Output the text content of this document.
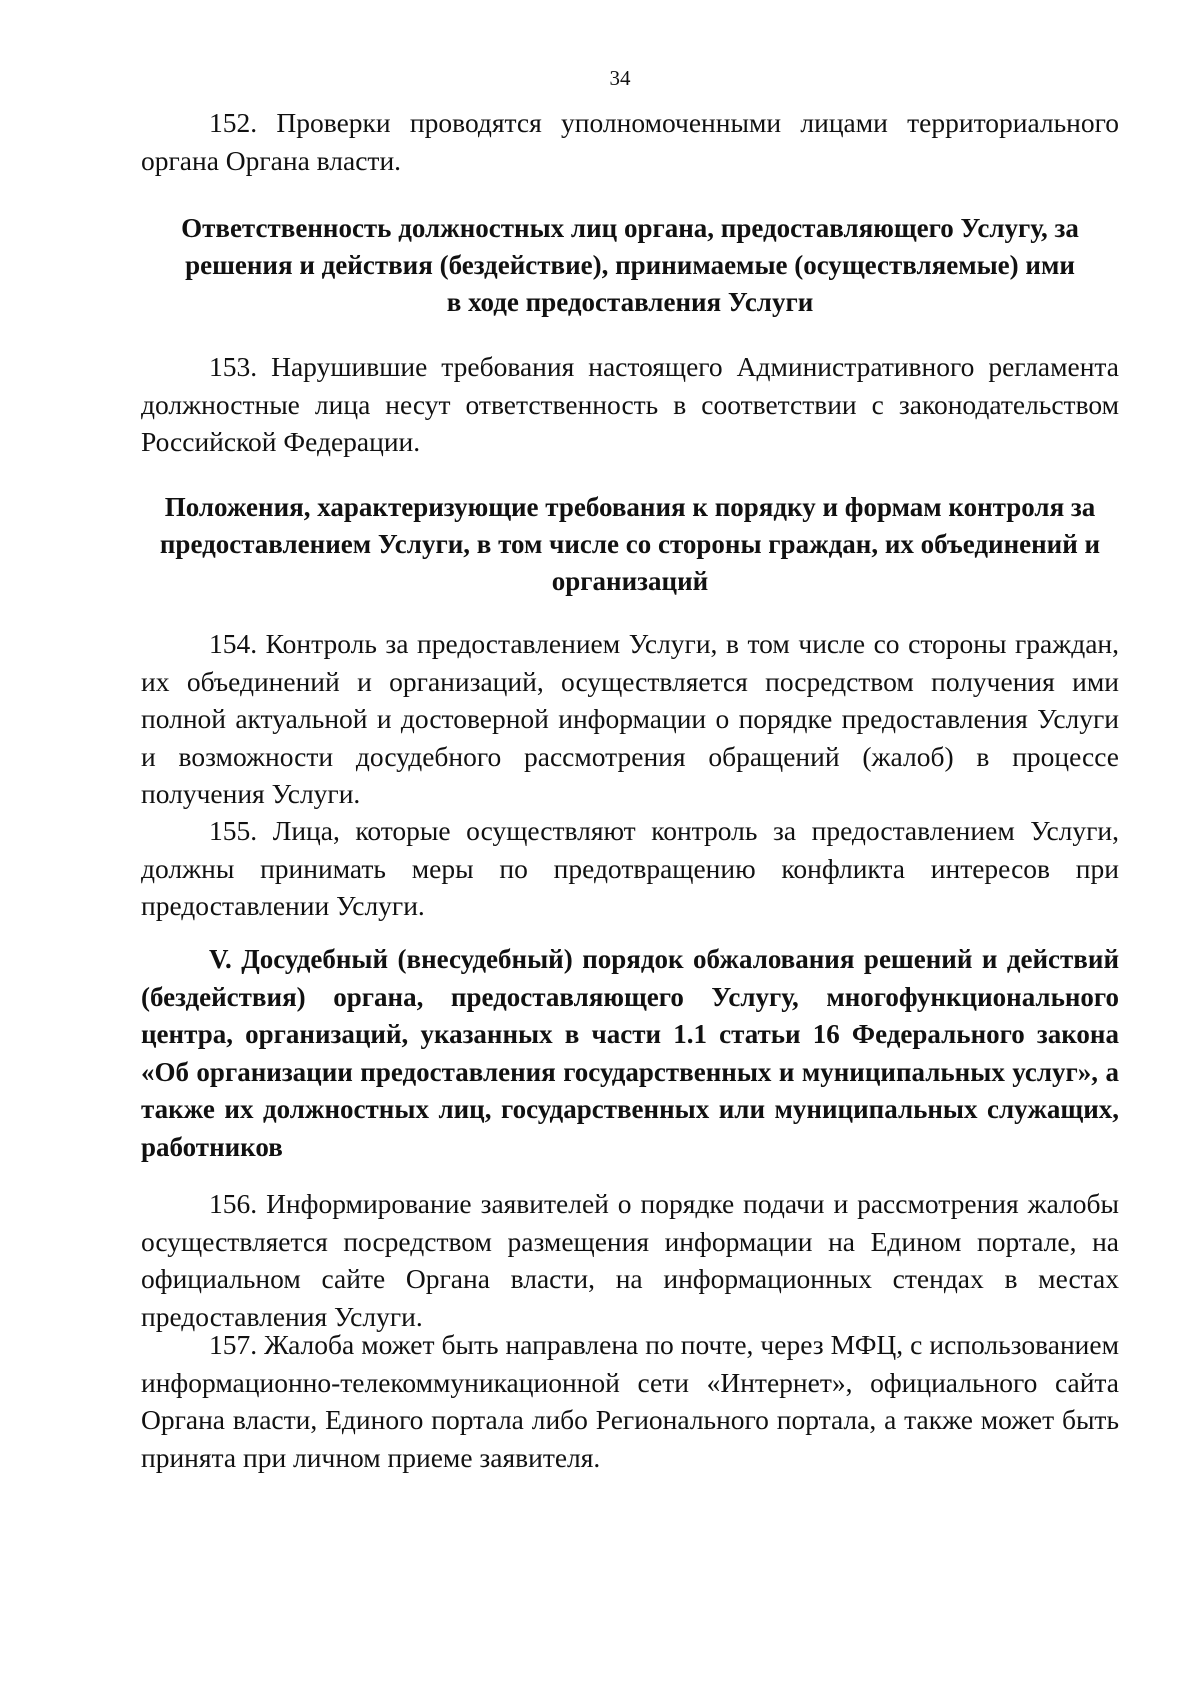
34

152. Проверки проводятся уполномоченными лицами территориального органа Органа власти.

Ответственность должностных лиц органа, предоставляющего Услугу, за решения и действия (бездействие), принимаемые (осуществляемые) ими в ходе предоставления Услуги

153. Нарушившие требования настоящего Административного регламента должностные лица несут ответственность в соответствии с законодательством Российской Федерации.

Положения, характеризующие требования к порядку и формам контроля за предоставлением Услуги, в том числе со стороны граждан, их объединений и организаций

154. Контроль за предоставлением Услуги, в том числе со стороны граждан, их объединений и организаций, осуществляется посредством получения ими полной актуальной и достоверной информации о порядке предоставления Услуги и возможности досудебного рассмотрения обращений (жалоб) в процессе получения Услуги.

155. Лица, которые осуществляют контроль за предоставлением Услуги, должны принимать меры по предотвращению конфликта интересов при предоставлении Услуги.

V. Досудебный (внесудебный) порядок обжалования решений и действий (бездействия) органа, предоставляющего Услугу, многофункционального центра, организаций, указанных в части 1.1 статьи 16 Федерального закона «Об организации предоставления государственных и муниципальных услуг», а также их должностных лиц, государственных или муниципальных служащих, работников

156. Информирование заявителей о порядке подачи и рассмотрения жалобы осуществляется посредством размещения информации на Едином портале, на официальном сайте Органа власти, на информационных стендах в местах предоставления Услуги.

157. Жалоба может быть направлена по почте, через МФЦ, с использованием информационно-телекоммуникационной сети «Интернет», официального сайта Органа власти, Единого портала либо Регионального портала, а также может быть принята при личном приеме заявителя.
